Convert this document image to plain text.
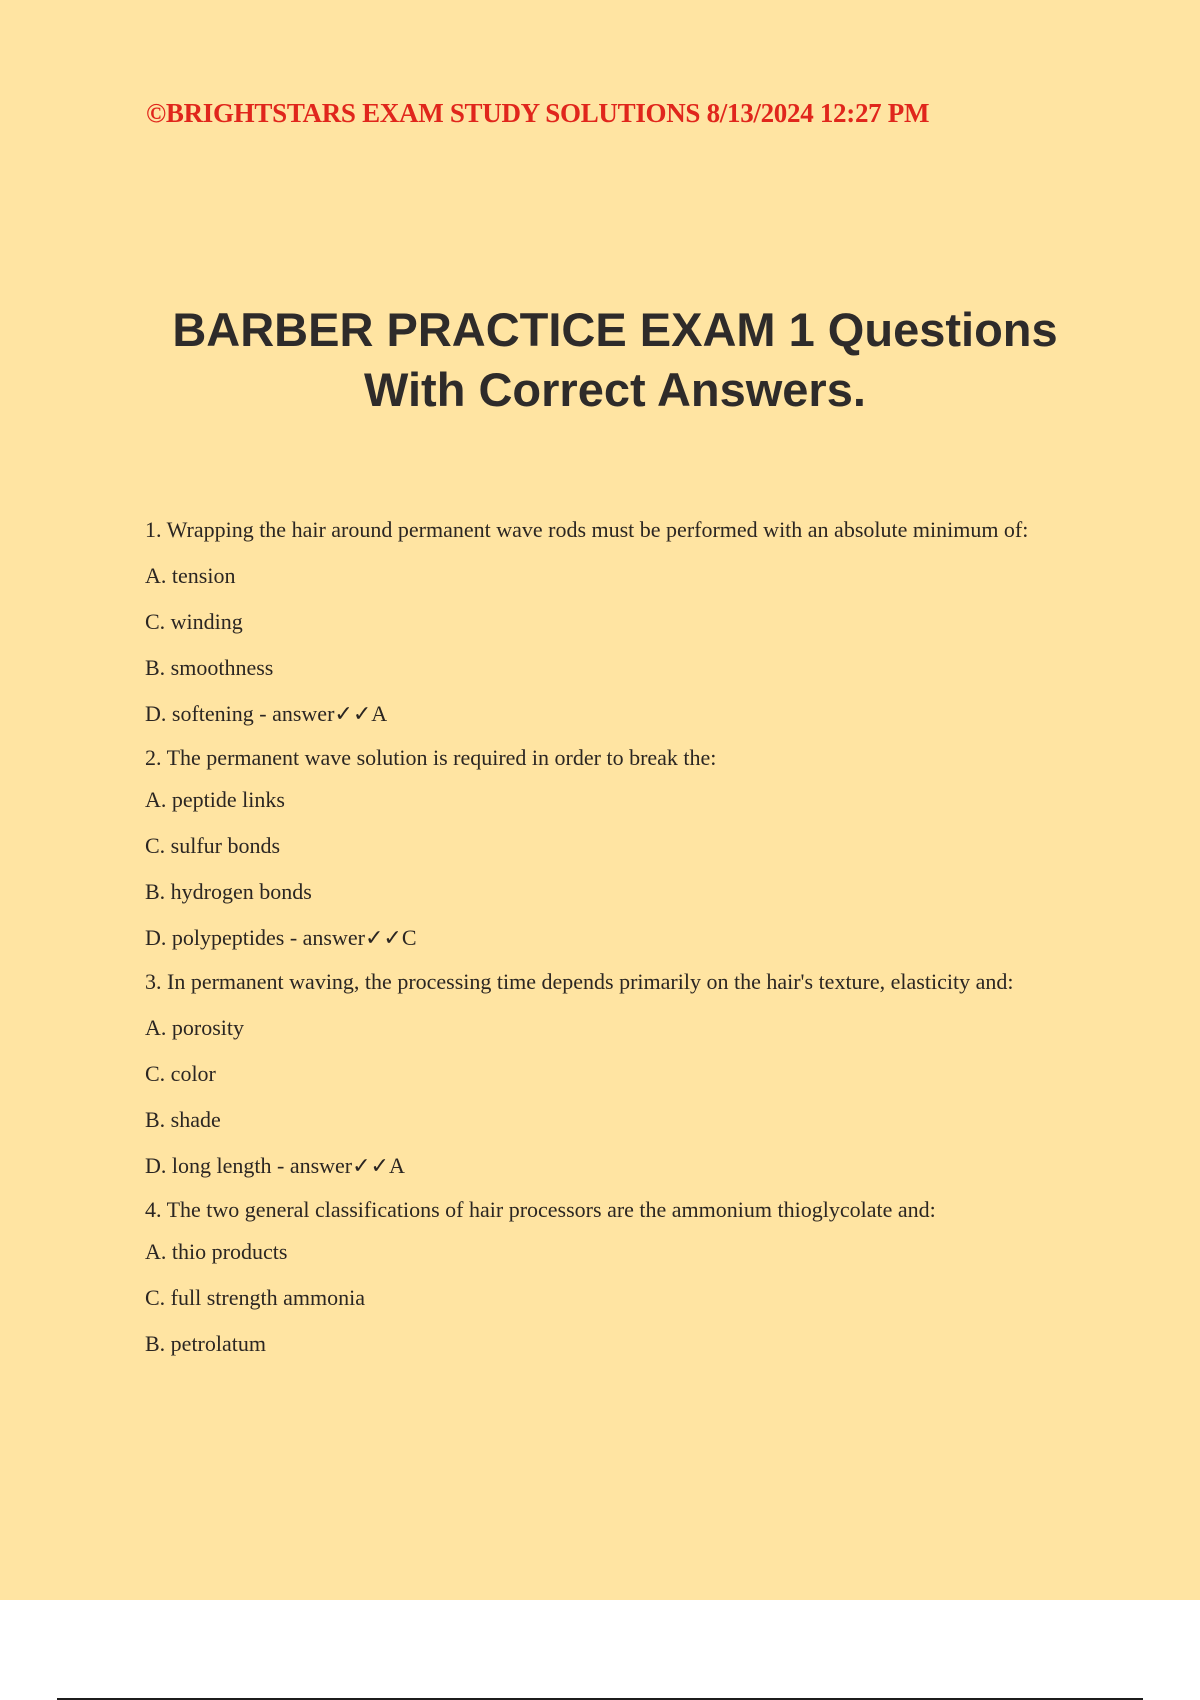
©BRIGHTSTARS EXAM STUDY SOLUTIONS 8/13/2024 12:27 PM

BARBER PRACTICE EXAM 1 Questions With Correct Answers.

1. Wrapping the hair around permanent wave rods must be performed with an absolute minimum of:

A. tension

C. winding

B. smoothness

D. softening - answer✓✓A

2. The permanent wave solution is required in order to break the:

A. peptide links

C. sulfur bonds

B. hydrogen bonds

D. polypeptides - answer✓✓C

3. In permanent waving, the processing time depends primarily on the hair's texture, elasticity and:

A. porosity

C. color

B. shade

D. long length - answer✓✓A

4. The two general classifications of hair processors are the ammonium thioglycolate and:

A. thio products

C. full strength ammonia

B. petrolatum
